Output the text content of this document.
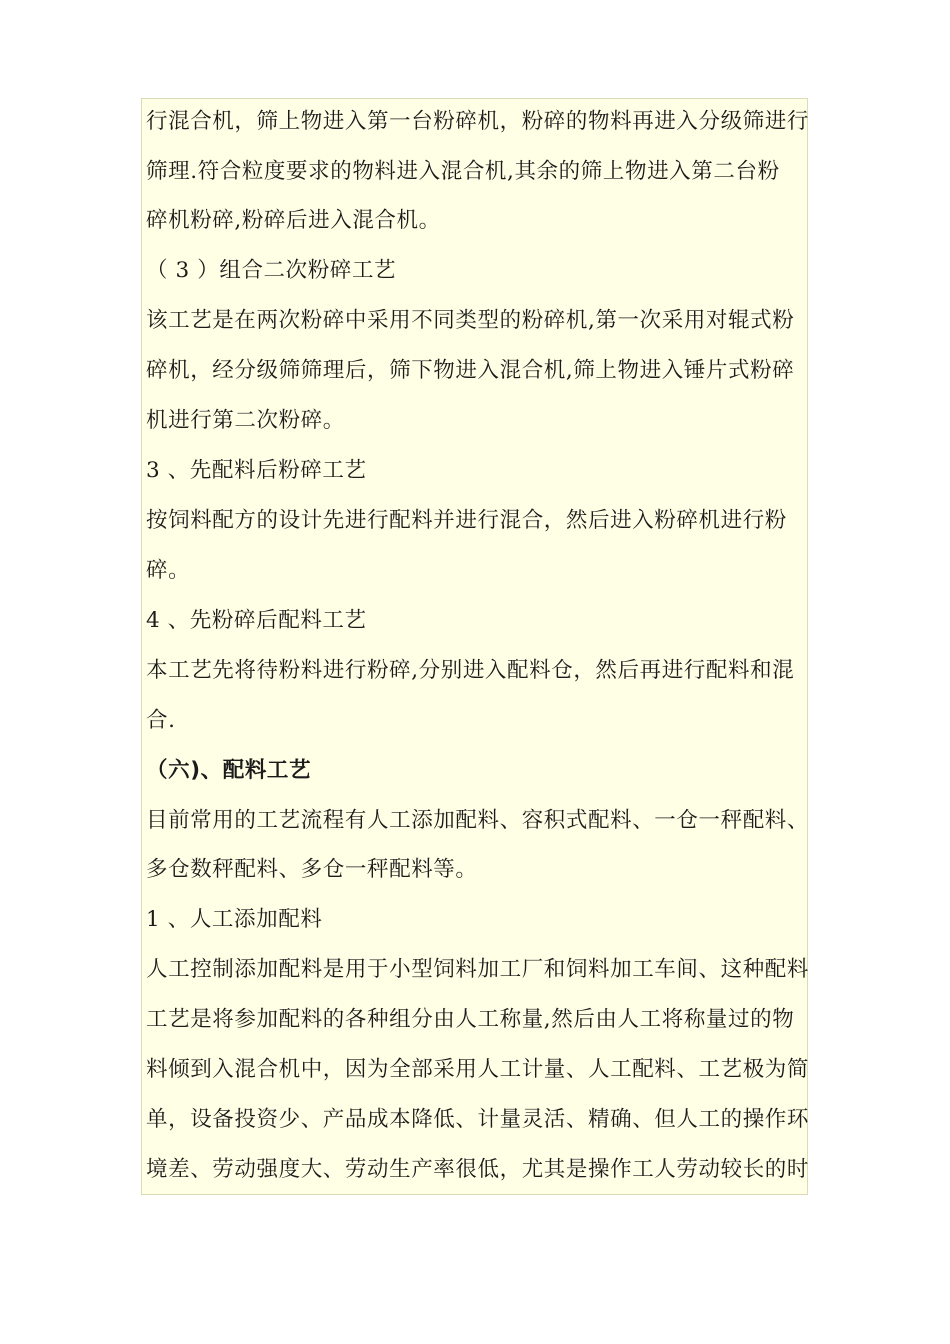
行混合机，筛上物进入第一台粉碎机，粉碎的物料再进入分级筛进行
筛理.符合粒度要求的物料进入混合机,其余的筛上物进入第二台粉
碎机粉碎,粉碎后进入混合机。
（ 3 ）组合二次粉碎工艺
该工艺是在两次粉碎中采用不同类型的粉碎机,第一次采用对辊式粉
碎机，经分级筛筛理后，筛下物进入混合机,筛上物进入锤片式粉碎
机进行第二次粉碎。
3 、先配料后粉碎工艺
按饲料配方的设计先进行配料并进行混合，然后进入粉碎机进行粉
碎。
4 、先粉碎后配料工艺
本工艺先将待粉料进行粉碎,分别进入配料仓，然后再进行配料和混
合.
（六)、配料工艺
目前常用的工艺流程有人工添加配料、容积式配料、一仓一秤配料、
多仓数秤配料、多仓一秤配料等。
1 、人工添加配料
人工控制添加配料是用于小型饲料加工厂和饲料加工车间、这种配料
工艺是将参加配料的各种组分由人工称量,然后由人工将称量过的物
料倾到入混合机中，因为全部采用人工计量、人工配料、工艺极为简
单，设备投资少、产品成本降低、计量灵活、精确、但人工的操作环
境差、劳动强度大、劳动生产率很低，尤其是操作工人劳动较长的时
